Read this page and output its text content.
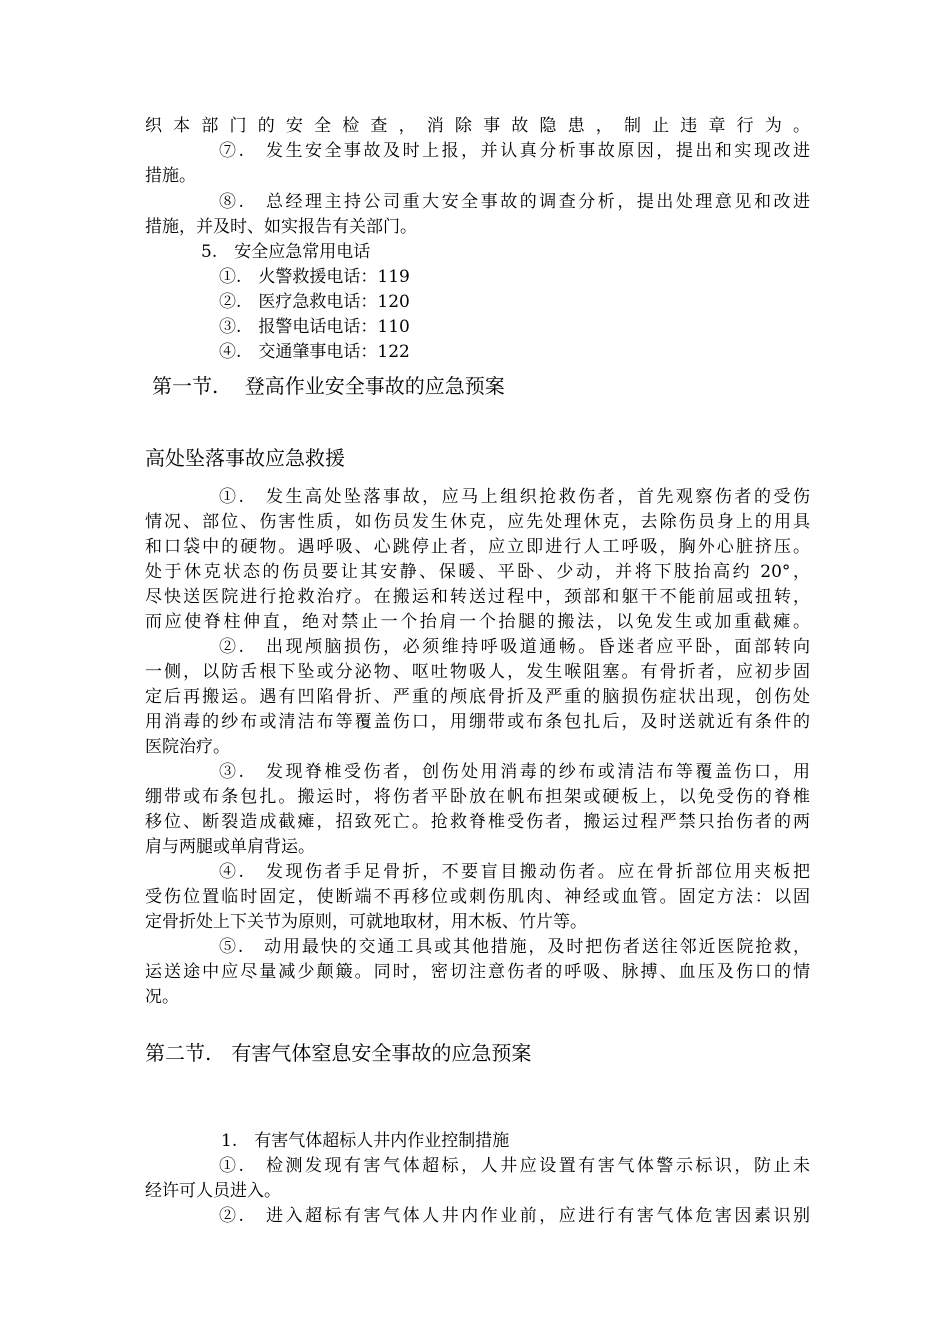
织本部门的安全检查，消除事故隐患，制止违章行为。
⑦.　发生安全事故及时上报，并认真分析事故原因，提出和实现改进
措施。
⑧.　总经理主持公司重大安全事故的调查分析，提出处理意见和改进
措施，并及时、如实报告有关部门。
5.　安全应急常用电话
①.　火警救援电话：119
②.　医疗急救电话：120
③.　报警电话电话：110
④.　交通肇事电话：122
第一节.　 登高作业安全事故的应急预案
高处坠落事故应急救援
①.　发生高处坠落事故，应马上组织抢救伤者，首先观察伤者的受伤
情况、部位、伤害性质，如伤员发生休克，应先处理休克，去除伤员身上的用具
和口袋中的硬物。遇呼吸、心跳停止者，应立即进行人工呼吸，胸外心脏挤压。
处于休克状态的伤员要让其安静、保暖、平卧、少动，并将下肢抬高约 20°，
尽快送医院进行抢救治疗。在搬运和转送过程中，颈部和躯干不能前屈或扭转，
而应使脊柱伸直，绝对禁止一个抬肩一个抬腿的搬法，以免发生或加重截瘫。
②.　出现颅脑损伤，必须维持呼吸道通畅。昏迷者应平卧，面部转向
一侧，以防舌根下坠或分泌物、呕吐物吸人，发生喉阻塞。有骨折者，应初步固
定后再搬运。遇有凹陷骨折、严重的颅底骨折及严重的脑损伤症状出现，创伤处
用消毒的纱布或清洁布等覆盖伤口，用绷带或布条包扎后，及时送就近有条件的
医院治疗。
③.　发现脊椎受伤者，创伤处用消毒的纱布或清洁布等覆盖伤口，用
绷带或布条包扎。搬运时，将伤者平卧放在帆布担架或硬板上，以免受伤的脊椎
移位、断裂造成截瘫，招致死亡。抢救脊椎受伤者，搬运过程严禁只抬伤者的两
肩与两腿或单肩背运。
④.　发现伤者手足骨折，不要盲目搬动伤者。应在骨折部位用夹板把
受伤位置临时固定，使断端不再移位或刺伤肌肉、神经或血管。固定方法：以固
定骨折处上下关节为原则，可就地取材，用木板、竹片等。
⑤.　动用最快的交通工具或其他措施，及时把伤者送往邻近医院抢救，
运送途中应尽量减少颠簸。同时，密切注意伤者的呼吸、脉搏、血压及伤口的情
况。
第二节.　有害气体窒息安全事故的应急预案
1.　有害气体超标人井内作业控制措施
①.　检测发现有害气体超标，人井应设置有害气体警示标识，防止未
经许可人员进入。
②.　进入超标有害气体人井内作业前，应进行有害气体危害因素识别
